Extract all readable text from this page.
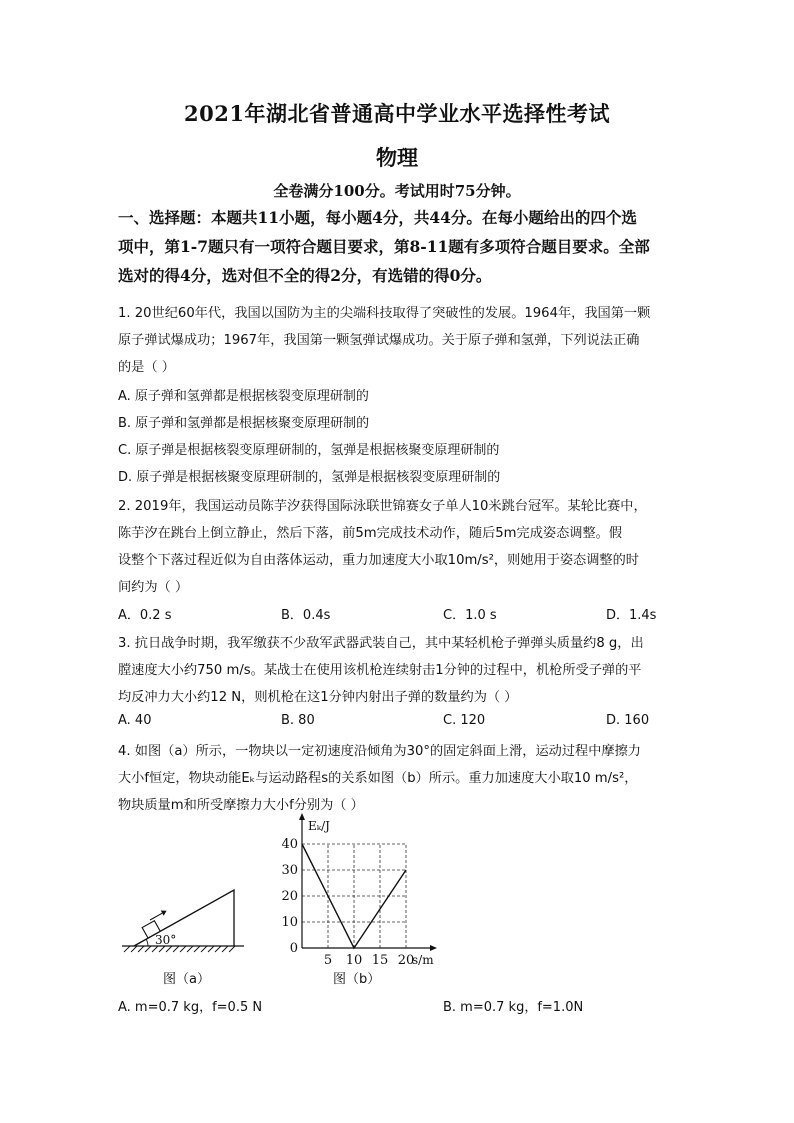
2021年湖北省普通高中学业水平选择性考试
物理
全卷满分100分。考试用时75分钟。
一、选择题：本题共11小题，每小题4分，共44分。在每小题给出的四个选
项中，第1-7题只有一项符合题目要求，第8-11题有多项符合题目要求。全部
选对的得4分，选对但不全的得2分，有选错的得0分。
1. 20世纪60年代，我国以国防为主的尖端科技取得了突破性的发展。1964年，我国第一颗
原子弹试爆成功；1967年，我国第一颗氢弹试爆成功。关于原子弹和氢弹，下列说法正确
的是（ ）
A. 原子弹和氢弹都是根据核裂变原理研制的
B. 原子弹和氢弹都是根据核聚变原理研制的
C. 原子弹是根据核裂变原理研制的，氢弹是根据核聚变原理研制的
D. 原子弹是根据核聚变原理研制的，氢弹是根据核裂变原理研制的
2. 2019年，我国运动员陈芋汐获得国际泳联世锦赛女子单人10米跳台冠军。某轮比赛中，
陈芋汐在跳台上倒立静止，然后下落，前5m完成技术动作，随后5m完成姿态调整。假
设整个下落过程近似为自由落体运动，重力加速度大小取10m/s²，则她用于姿态调整的时
间约为（ ）
A．0.2 s	B．0.4s	C．1.0 s	D．1.4s
3. 抗日战争时期，我军缴获不少敌军武器武装自己，其中某轻机枪子弹弹头质量约8 g，出
膛速度大小约750 m/s。某战士在使用该机枪连续射击1分钟的过程中，机枪所受子弹的平
均反冲力大小约12 N，则机枪在这1分钟内射出子弹的数量约为（ ）
A. 40	B. 80	C. 120	D. 160
4. 如图（a）所示，一物块以一定初速度沿倾角为30°的固定斜面上滑，运动过程中摩擦力
大小f恒定，物块动能Eₖ与运动路程s的关系如图（b）所示。重力加速度大小取10 m/s²，
物块质量m和所受摩擦力大小f分别为（ ）
30°
图（a）
0
10
20
30
40
5 10 15 20
Eₖ/J
s/m
图（b）
A. m=0.7 kg，f=0.5 N	B. m=0.7 kg，f=1.0N
